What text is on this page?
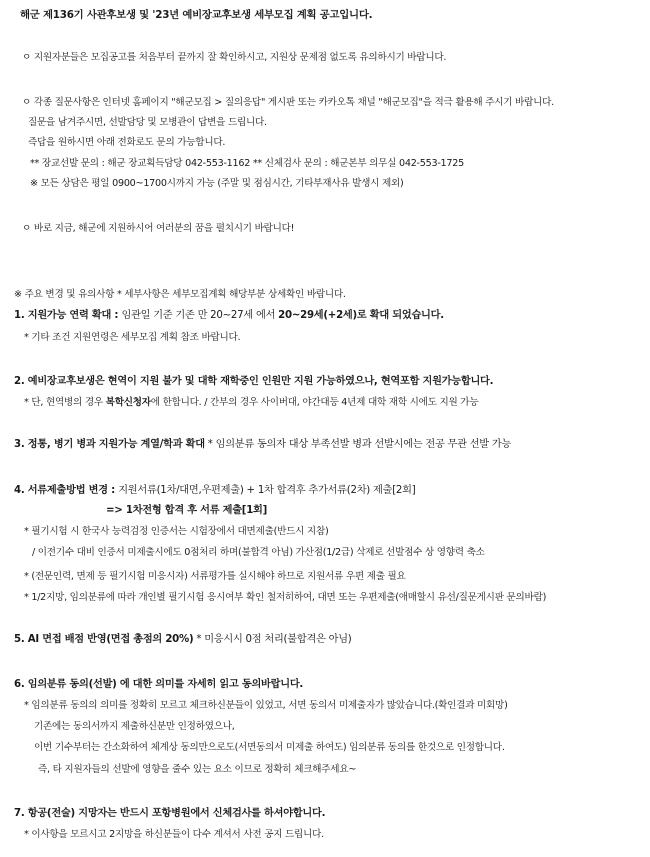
해군 제136기 사관후보생 및 '23년 예비장교후보생 세부모집 계획 공고입니다.
ㅇ 지원자분들은 모집공고를 처음부터 끝까지 잘 확인하시고, 지원상 문제점 없도록 유의하시기 바랍니다.
ㅇ 각종 질문사항은 인터넷 홈페이지 "해군모집 > 질의응답" 게시판 또는 카카오톡 채널 "해군모집"을 적극 활용해 주시기 바랍니다.
질문을 남겨주시면, 선발담당 및 모병관이 답변을 드립니다.
즉답을 원하시면 아래 전화로도 문의 가능합니다.
** 장교선발 문의 : 해군 장교획득담당 042-553-1162 ** 신체검사 문의 : 해군본부 의무실 042-553-1725
※ 모든 상담은 평일 0900~1700시까지 가능 (주말 및 점심시간, 기타부재사유 발생시 제외)
ㅇ 바로 지금, 해군에 지원하시어 여러분의 꿈을 펼치시기 바랍니다!
※ 주요 변경 및 유의사항 * 세부사항은 세부모집계획 해당부분 상세확인 바랍니다.
1. 지원가능 연력 확대 : 임관일 기준 기존 만 20~27세 에서 20~29세(+2세)로 확대 되었습니다.
* 기타 조건 지원연령은 세부모집 계획 참조 바랍니다.
2. 예비장교후보생은 현역이 지원 불가 및 대학 재학중인 인원만 지원 가능하였으나, 현역포함 지원가능합니다.
* 단, 현역병의 경우 복학신청자에 한합니다. / 간부의 경우 사이버대, 야간대등 4년제 대학 재학 시에도 지원 가능
3. 정통, 병기 병과 지원가능 계열/학과 확대 * 임의분류 동의자 대상 부족선발 병과 선발시에는 전공 무관 선발 가능
4. 서류제출방법 변경 : 지원서류(1차/대면,우편제출) + 1차 합격후 추가서류(2차) 제출[2회]
=> 1차전형 합격 후 서류 제출[1회]
* 필기시험 시 한국사 능력검정 인증서는 시험장에서 대면제출(반드시 지참)
/ 이전기수 대비 인증서 미제출시에도 0점처리 하며(불합격 아님) 가산점(1/2급) 삭제로 선발점수 상 영향력 축소
* (전문인력, 면제 등 필기시험 미응시자) 서류평가를 실시해야 하므로 지원서류 우편 제출 필요
* 1/2지망, 임의분류에 따라 개인별 필기시험 응시여부 확인 철저히하여, 대면 또는 우편제출(애매할시 유선/질문게시판 문의바람)
5. AI 면접 배점 반영(면접 총점의 20%) * 미응시시 0점 처리(불합격은 아님)
6. 임의분류 동의(선발) 에 대한 의미를 자세히 읽고 동의바랍니다.
* 임의분류 동의의 의미를 정확히 모르고 체크하신분들이 있었고, 서면 동의서 미제출자가 많았습니다.(확인결과 미회망)
기존에는 동의서까지 제출하신분만 인정하였으나,
이번 기수부터는 간소화하여 체계상 동의만으로도(서면동의서 미제출 하여도) 임의분류 동의를 한것으로 인정합니다.
즉, 타 지원자들의 선발에 영향을 줄수 있는 요소 이므로 정확히 체크해주세요~
7. 항공(전술) 지망자는 반드시 포항병원에서 신체검사를 하셔야합니다.
* 이사항을 모르시고 2지망을 하신분들이 다수 계셔서 사전 공지 드립니다.
